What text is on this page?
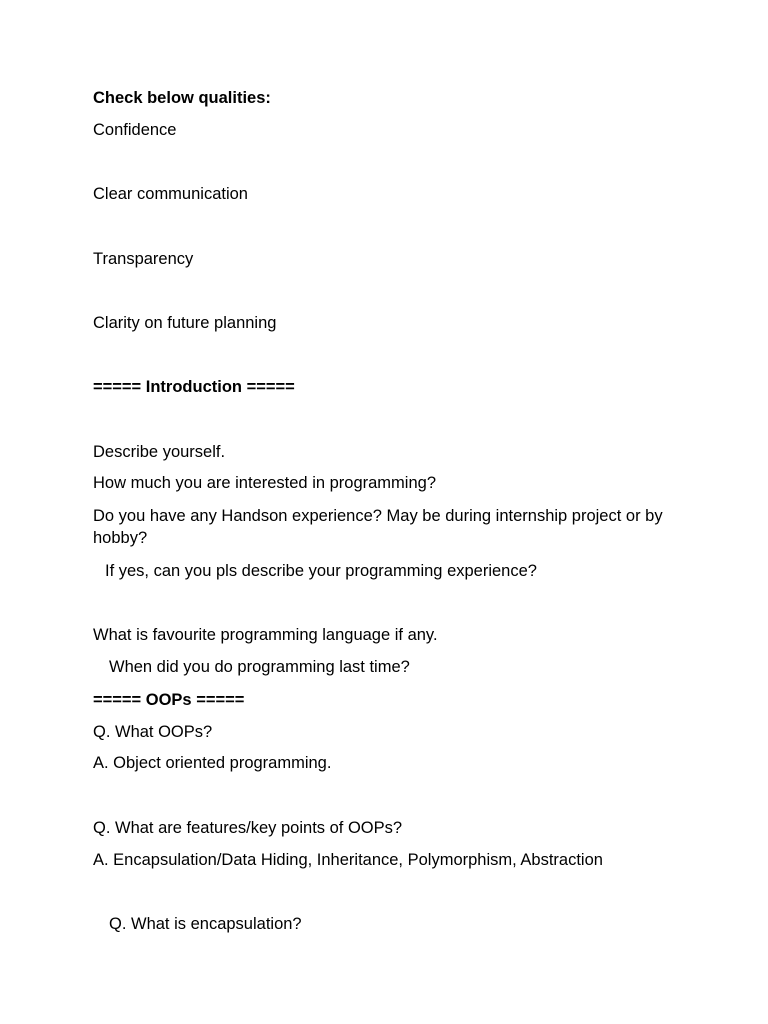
Check below qualities:
Confidence
Clear communication
Transparency
Clarity on future planning
===== Introduction =====
Describe yourself.
How much you are interested in programming?
Do you have any Handson experience? May be during internship project or by hobby?
If yes, can you pls describe your programming experience?
What is favourite programming language if any.
When did you do programming last time?
===== OOPs =====
Q. What OOPs?
A. Object oriented programming.
Q. What are features/key points of OOPs?
A. Encapsulation/Data Hiding, Inheritance, Polymorphism, Abstraction
Q. What is encapsulation?
